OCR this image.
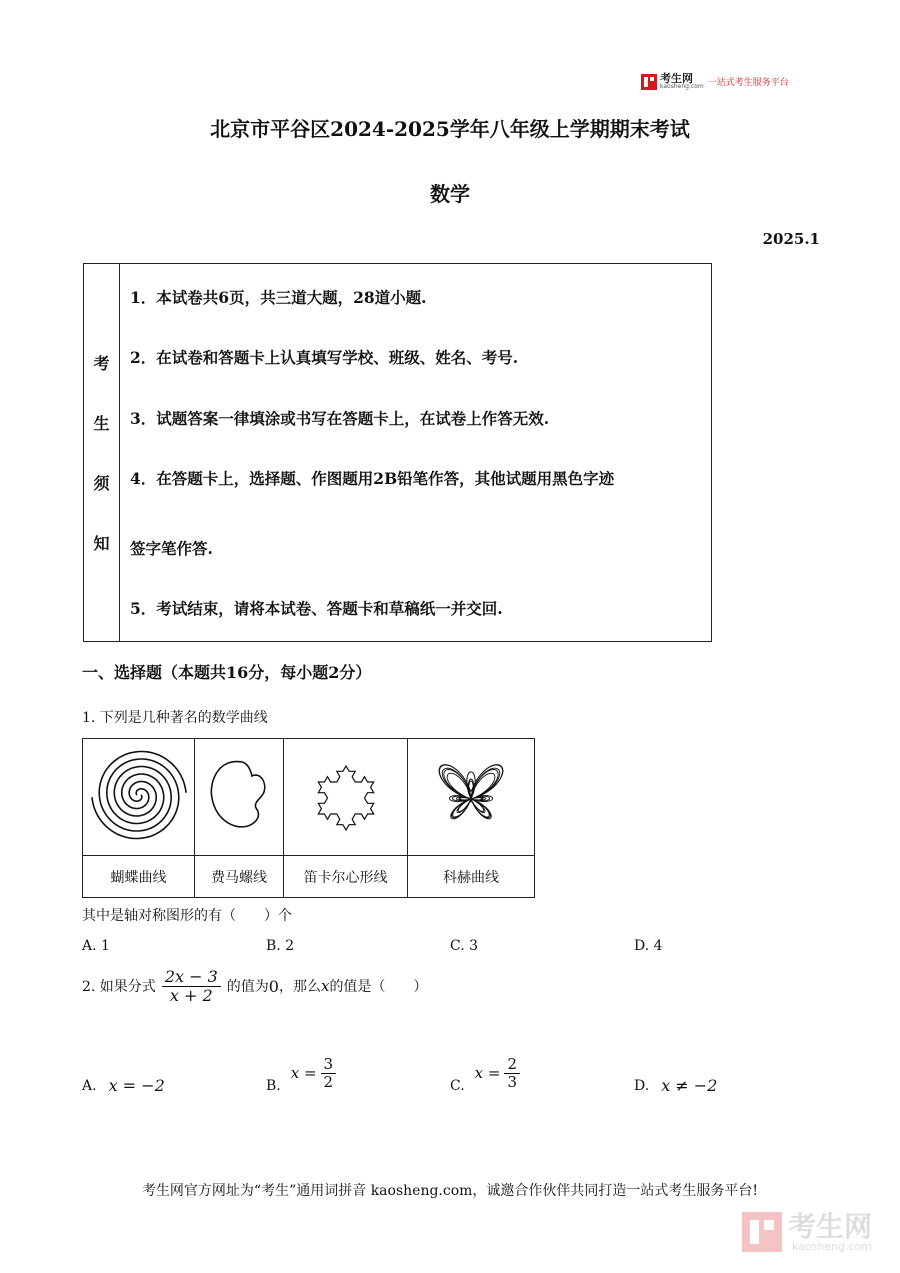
考生网
kaosheng.com 一站式考生服务平台
北京市平谷区2024-2025学年八年级上学期期末考试
数学
2025.1
考
生
须
知
1．本试卷共6页，共三道大题，28道小题.
2．在试卷和答题卡上认真填写学校、班级、姓名、考号.
3．试题答案一律填涂或书写在答题卡上，在试卷上作答无效.
4．在答题卡上，选择题、作图题用2B铅笔作答，其他试题用黑色字迹
签字笔作答.
5．考试结束，请将本试卷、答题卡和草稿纸一并交回.
一、选择题（本题共16分，每小题2分）
1. 下列是几种著名的数学曲线

蝴蝶曲线	费马螺线	笛卡尔心形线	科赫曲线
其中是轴对称图形的有（　　）个
A. 1	B. 2	C. 3	D. 4
2. 如果分式 $\frac{2x - 3}{x + 2}$ 的值为 0 ，那么 x 的值是（　　）
A. x = −2	B.
$x = \frac{3}{2}$	C.
$x = \frac{2}{3}$	D. x ≠ −2
考生网官方网址为“考生”通用词拼音 kaosheng.com，诚邀合作伙伴共同打造一站式考生服务平台!
考生网
kaosheng.com
